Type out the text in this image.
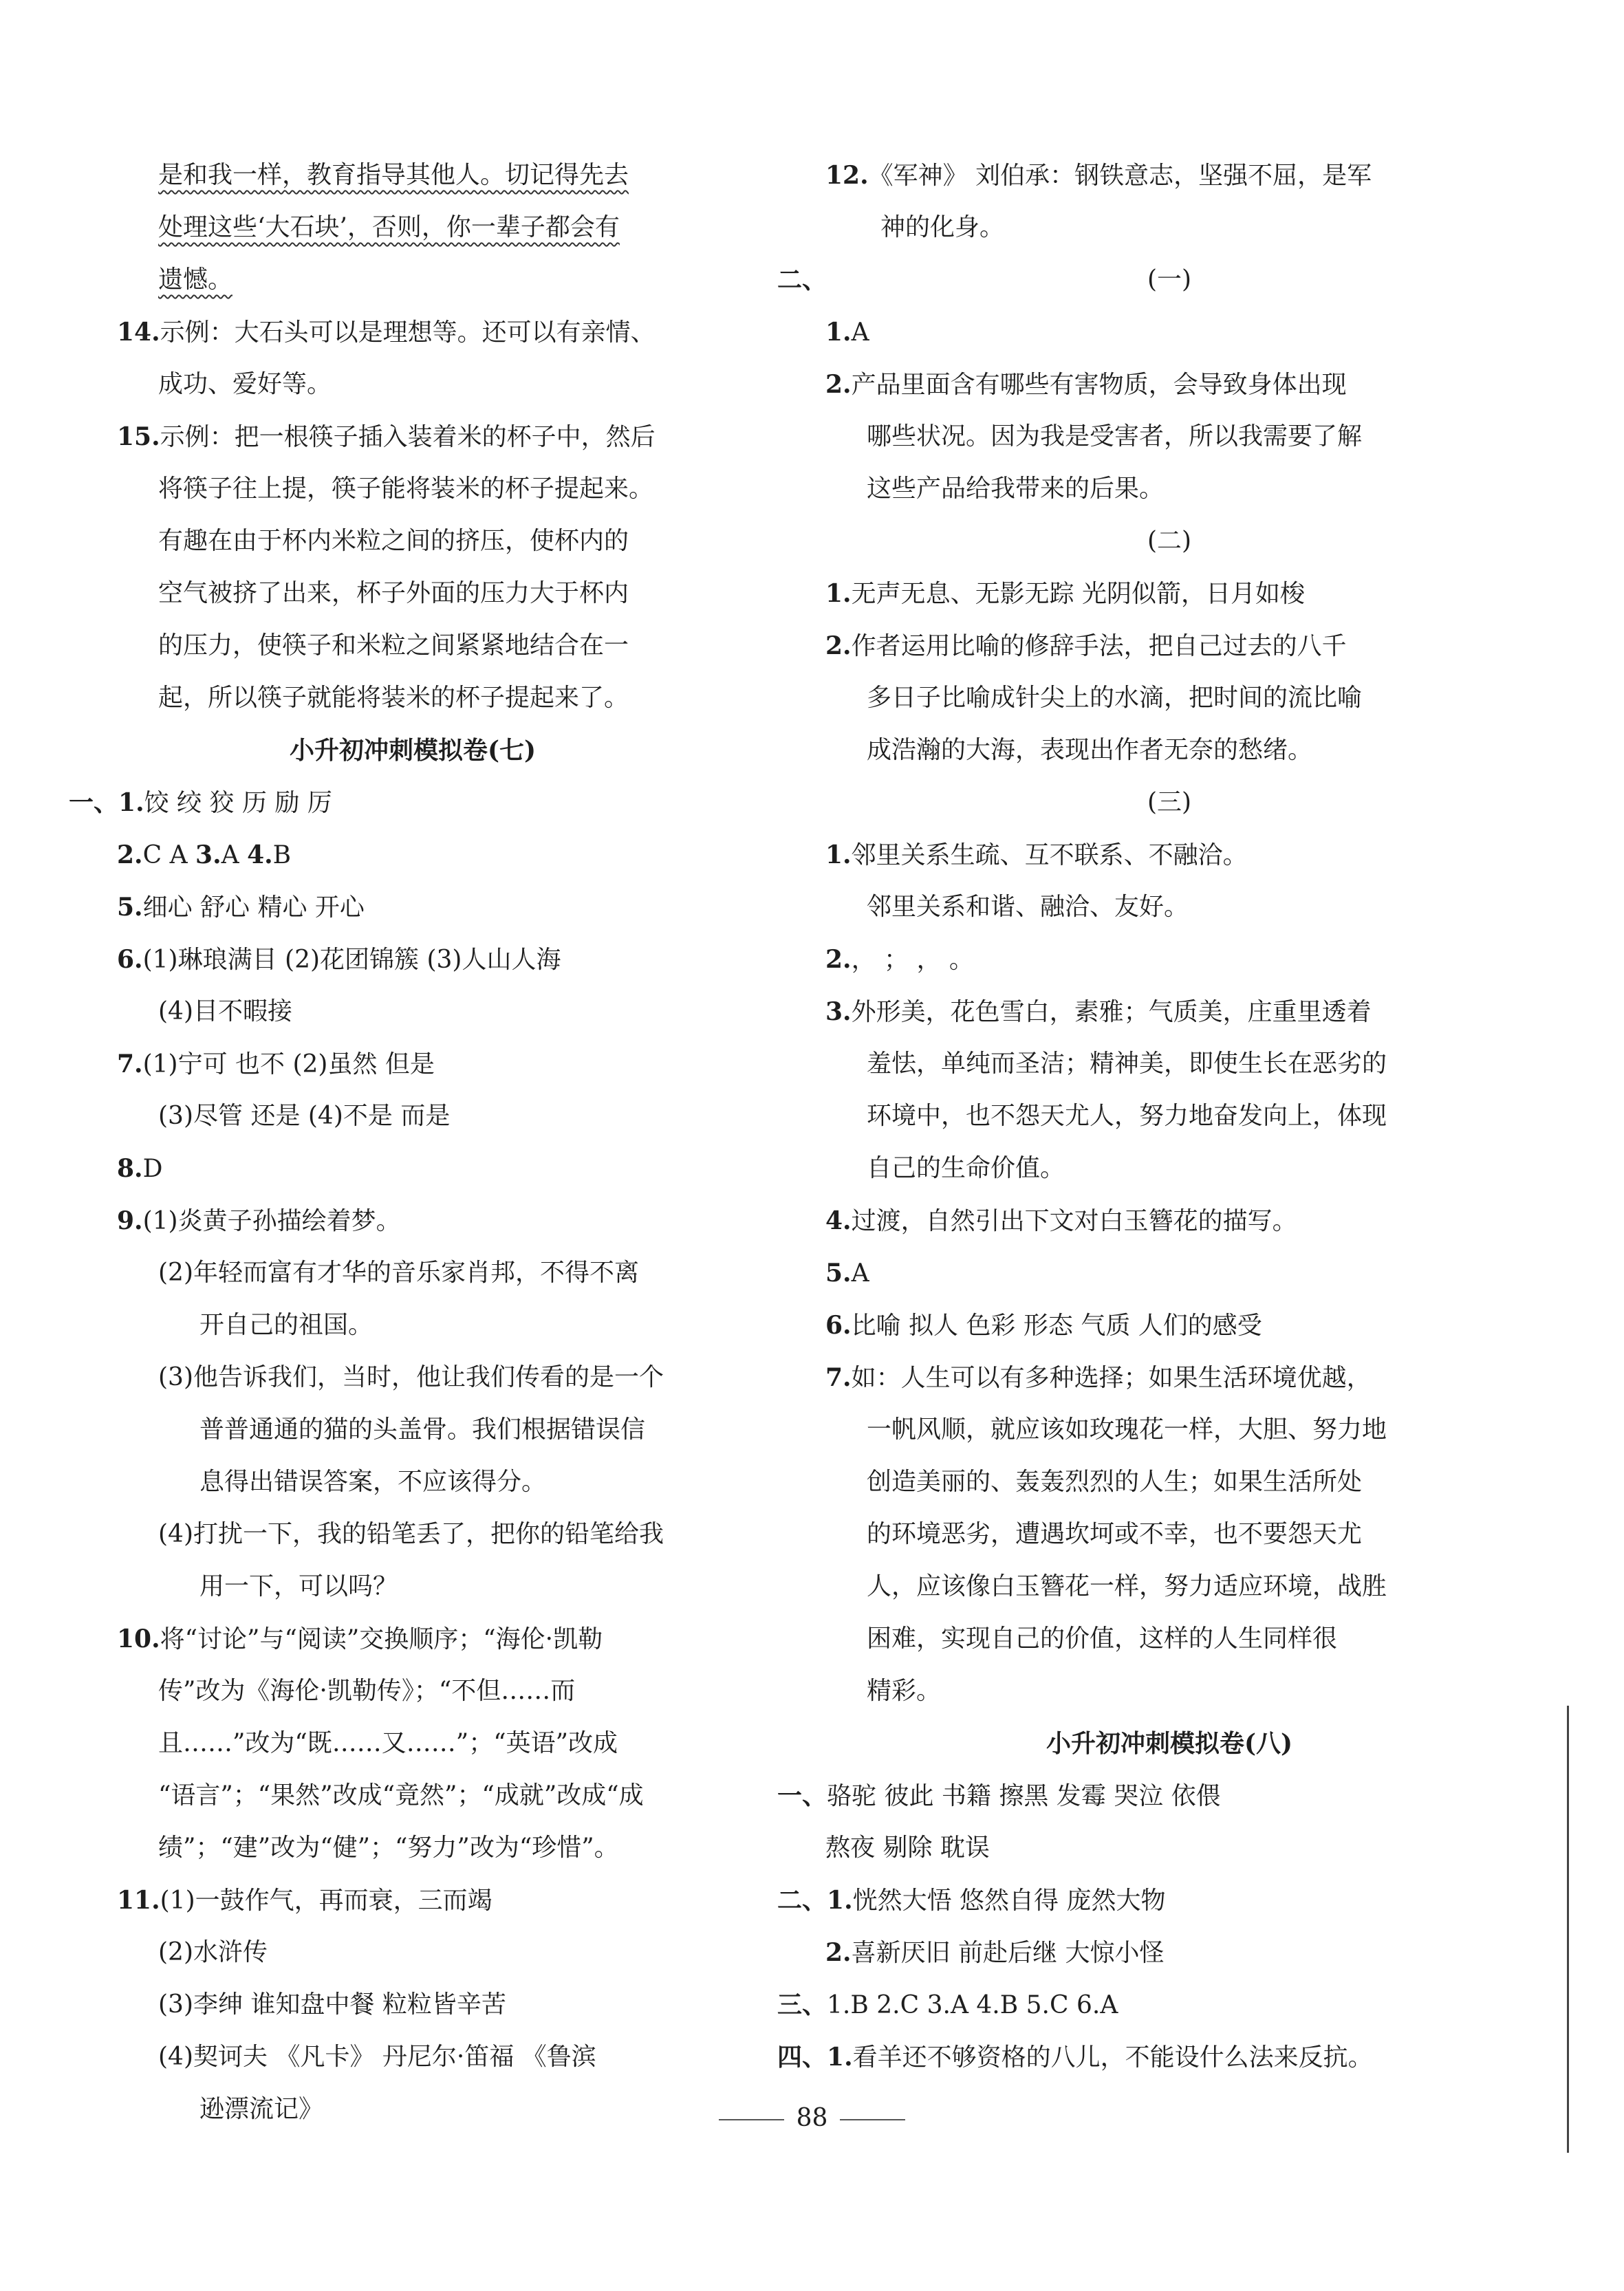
是和我一样，教育指导其他人。切记得先去
处理这些‘大石块’，否则，你一辈子都会有
遗憾。
14.示例：大石头可以是理想等。还可以有亲情、
成功、爱好等。
15.示例：把一根筷子插入装着米的杯子中，然后
将筷子往上提，筷子能将装米的杯子提起来。
有趣在由于杯内米粒之间的挤压，使杯内的
空气被挤了出来，杯子外面的压力大于杯内
的压力，使筷子和米粒之间紧紧地结合在一
起，所以筷子就能将装米的杯子提起来了。
小升初冲刺模拟卷(七)
一、1.饺 绞 狡 历 励 厉
2.C A 3.A 4.B
5.细心 舒心 精心 开心
6.(1)琳琅满目 (2)花团锦簇 (3)人山人海
(4)目不暇接
7.(1)宁可 也不 (2)虽然 但是
(3)尽管 还是 (4)不是 而是
8.D
9.(1)炎黄子孙描绘着梦。
(2)年轻而富有才华的音乐家肖邦，不得不离
开自己的祖国。
(3)他告诉我们，当时，他让我们传看的是一个
普普通通的猫的头盖骨。我们根据错误信
息得出错误答案，不应该得分。
(4)打扰一下，我的铅笔丢了，把你的铅笔给我
用一下，可以吗？
10.将“讨论”与“阅读”交换顺序；“海伦·凯勒
传”改为《海伦·凯勒传》；“不但……而
且……”改为“既……又……”；“英语”改成
“语言”；“果然”改成“竟然”；“成就”改成“成
绩”；“建”改为“健”；“努力”改为“珍惜”。
11.(1)一鼓作气，再而衰，三而竭
(2)水浒传
(3)李绅 谁知盘中餐 粒粒皆辛苦
(4)契诃夫 《凡卡》 丹尼尔·笛福 《鲁滨
逊漂流记》
12.《军神》 刘伯承：钢铁意志，坚强不屈，是军
神的化身。
二、	(一)
1.A
2.产品里面含有哪些有害物质，会导致身体出现
哪些状况。因为我是受害者，所以我需要了解
这些产品给我带来的后果。
(二)
1.无声无息、无影无踪 光阴似箭，日月如梭
2.作者运用比喻的修辞手法，把自己过去的八千
多日子比喻成针尖上的水滴，把时间的流比喻
成浩瀚的大海，表现出作者无奈的愁绪。
(三)
1.邻里关系生疏、互不联系、不融洽。
邻里关系和谐、融洽、友好。
2.， ； ， 。
3.外形美，花色雪白，素雅；气质美，庄重里透着
羞怯，单纯而圣洁；精神美，即使生长在恶劣的
环境中，也不怨天尤人，努力地奋发向上，体现
自己的生命价值。
4.过渡，自然引出下文对白玉簪花的描写。
5.A
6.比喻 拟人 色彩 形态 气质 人们的感受
7.如：人生可以有多种选择；如果生活环境优越，
一帆风顺，就应该如玫瑰花一样，大胆、努力地
创造美丽的、轰轰烈烈的人生；如果生活所处
的环境恶劣，遭遇坎坷或不幸，也不要怨天尤
人，应该像白玉簪花一样，努力适应环境，战胜
困难，实现自己的价值，这样的人生同样很
精彩。
小升初冲刺模拟卷(八)
一、骆驼 彼此 书籍 擦黑 发霉 哭泣 依偎
熬夜 剔除 耽误
二、1.恍然大悟 悠然自得 庞然大物
2.喜新厌旧 前赴后继 大惊小怪
三、1.B 2.C 3.A 4.B 5.C 6.A
四、1.看羊还不够资格的八儿，不能设什么法来反抗。
88
